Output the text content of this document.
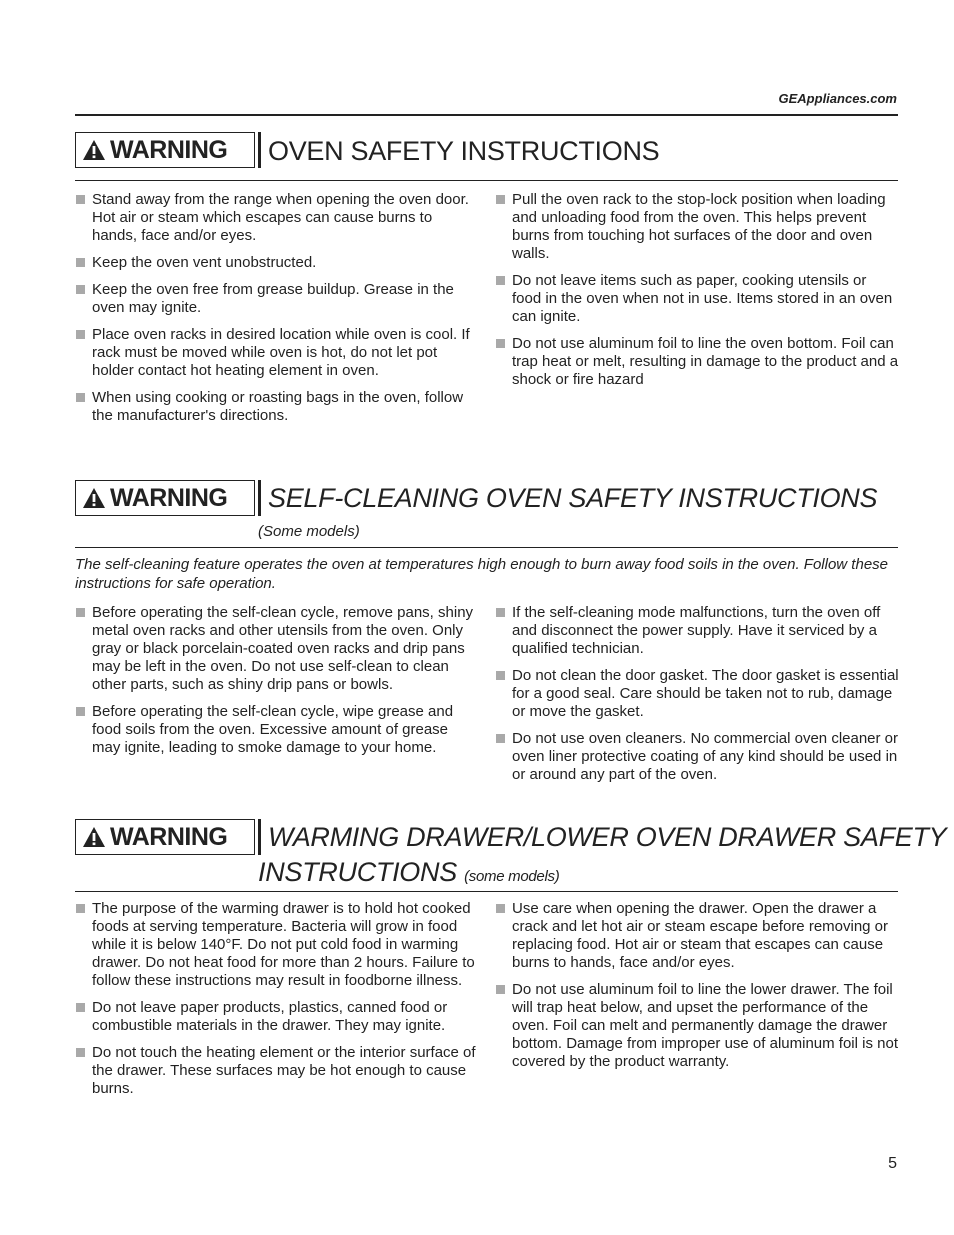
GEAppliances.com
WARNING OVEN SAFETY INSTRUCTIONS
Stand away from the range when opening the oven door. Hot air or steam which escapes can cause burns to hands, face and/or eyes.
Keep the oven vent unobstructed.
Keep the oven free from grease buildup. Grease in the oven may ignite.
Place oven racks in desired location while oven is cool. If rack must be moved while oven is hot, do not let pot holder contact hot heating element in oven.
When using cooking or roasting bags in the oven, follow the manufacturer's directions.
Pull the oven rack to the stop-lock position when loading and unloading food from the oven. This helps prevent burns from touching hot surfaces of the door and oven walls.
Do not leave items such as paper, cooking utensils or food in the oven when not in use. Items stored in an oven can ignite.
Do not use aluminum foil to line the oven bottom. Foil can trap heat or melt, resulting in damage to the product and a shock or fire hazard
WARNING SELF-CLEANING OVEN SAFETY INSTRUCTIONS
(Some models)
The self-cleaning feature operates the oven at temperatures high enough to burn away food soils in the oven. Follow these instructions for safe operation.
Before operating the self-clean cycle, remove pans, shiny metal oven racks and other utensils from the oven. Only gray or black porcelain-coated oven racks and drip pans may be left in the oven. Do not use self-clean to clean other parts, such as shiny drip pans or bowls.
Before operating the self-clean cycle, wipe grease and food soils from the oven. Excessive amount of grease may ignite, leading to smoke damage to your home.
If the self-cleaning mode malfunctions, turn the oven off and disconnect the power supply. Have it serviced by a qualified technician.
Do not clean the door gasket. The door gasket is essential for a good seal. Care should be taken not to rub, damage or move the gasket.
Do not use oven cleaners. No commercial oven cleaner or oven liner protective coating of any kind should be used in or around any part of the oven.
WARNING WARMING DRAWER/LOWER OVEN DRAWER SAFETY
INSTRUCTIONS (some models)
The purpose of the warming drawer is to hold hot cooked foods at serving temperature. Bacteria will grow in food while it is below 140°F. Do not put cold food in warming drawer. Do not heat food for more than 2 hours. Failure to follow these instructions may result in foodborne illness.
Do not leave paper products, plastics, canned food or combustible materials in the drawer. They may ignite.
Do not touch the heating element or the interior surface of the drawer. These surfaces may be hot enough to cause burns.
Use care when opening the drawer. Open the drawer a crack and let hot air or steam escape before removing or replacing food. Hot air or steam that escapes can cause burns to hands, face and/or eyes.
Do not use aluminum foil to line the lower drawer. The foil will trap heat below, and upset the performance of the oven. Foil can melt and permanently damage the drawer bottom. Damage from improper use of aluminum foil is not covered by the product warranty.
5
